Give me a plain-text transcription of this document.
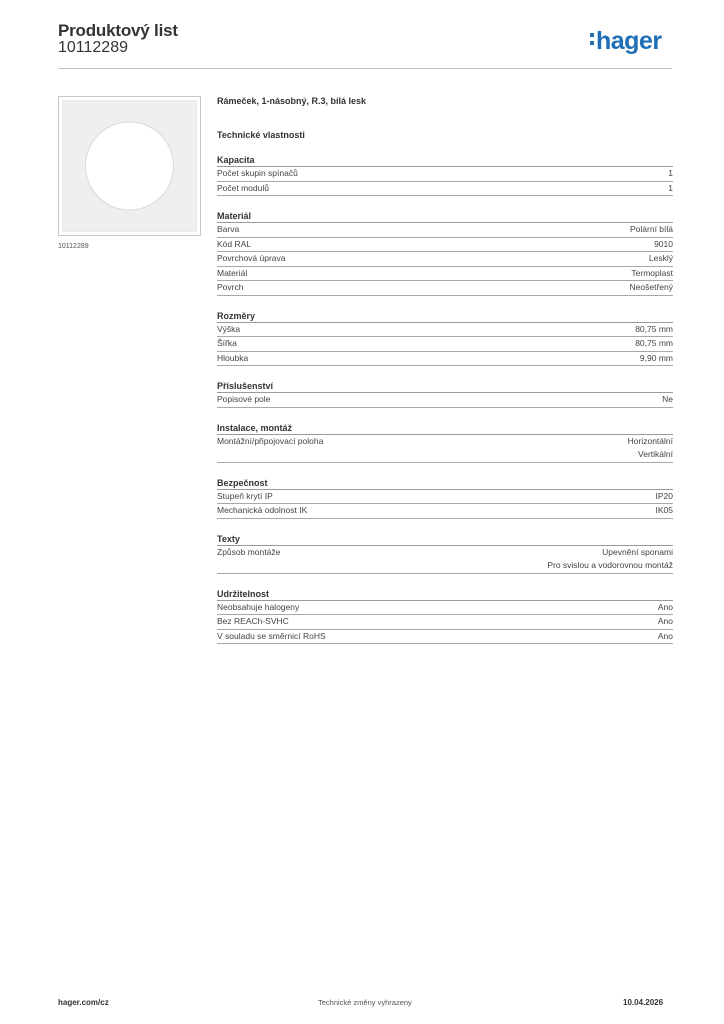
Produktový list
10112289	hager
10112289
Rámeček, 1-násobný, R.3, bílá lesk
Technické vlastnosti
Kapacita
Počet skupin spínačů	1
Počet modulů	1
Materiál
Barva	Polární bílá
Kód RAL	9010
Povrchová úprava	Lesklý
Materiál	Termoplast
Povrch	Neošetřený
Rozměry
Výška	80,75 mm
Šířka	80,75 mm
Hloubka	9,90 mm
Příslušenství
Popisové pole	Ne
Instalace, montáž
Montážní/připojovací poloha	Horizontální
Vertikální
Bezpečnost
Stupeň krytí IP	IP20
Mechanická odolnost IK	IK05
Texty
Způsob montáže	Upevnění sponami
Pro svislou a vodorovnou montáž
Udržitelnost
Neobsahuje halogeny	Ano
Bez REACh-SVHC	Ano
V souladu se směrnicí RoHS	Ano
hager.com/cz	Technické změny vyhrazeny	10.04.2026
